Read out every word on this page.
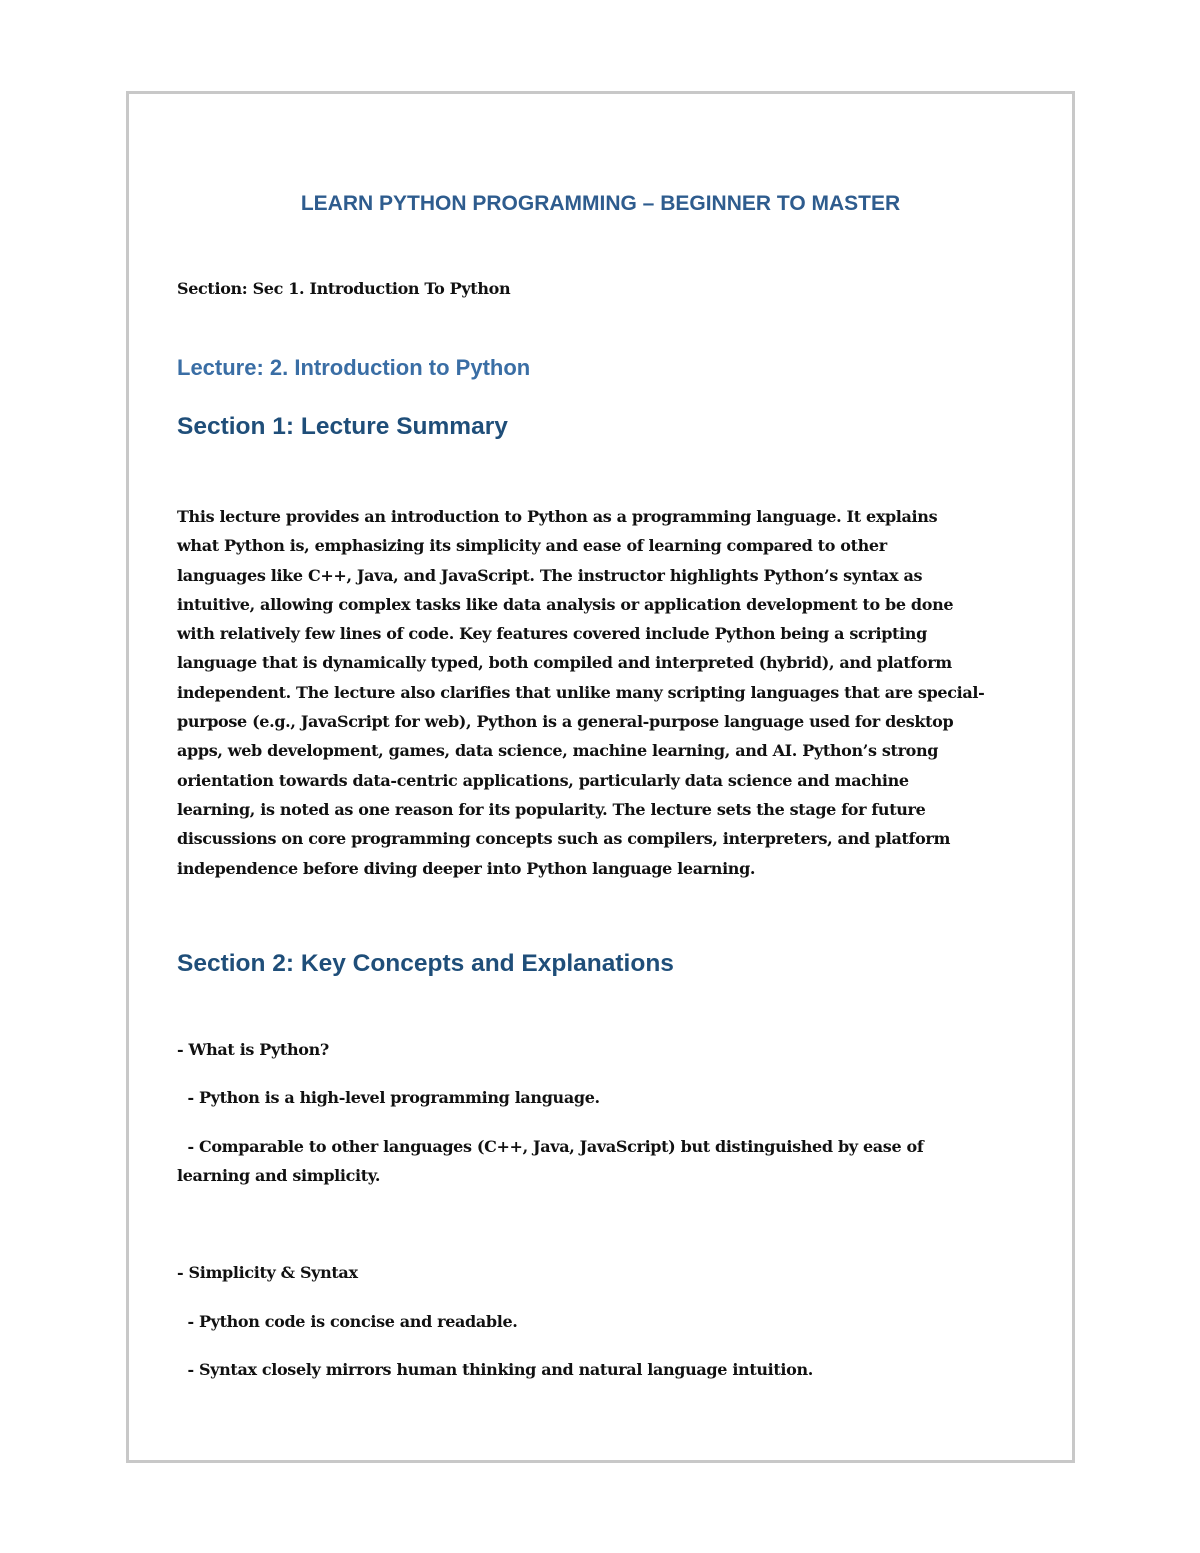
LEARN PYTHON PROGRAMMING – BEGINNER TO MASTER

Section: Sec 1. Introduction To Python

Lecture: 2. Introduction to Python
Section 1: Lecture Summary
This lecture provides an introduction to Python as a programming language. It explains
what Python is, emphasizing its simplicity and ease of learning compared to other
languages like C++, Java, and JavaScript. The instructor highlights Python’s syntax as
intuitive, allowing complex tasks like data analysis or application development to be done
with relatively few lines of code. Key features covered include Python being a scripting
language that is dynamically typed, both compiled and interpreted (hybrid), and platform
independent. The lecture also clarifies that unlike many scripting languages that are special-
purpose (e.g., JavaScript for web), Python is a general-purpose language used for desktop
apps, web development, games, data science, machine learning, and AI. Python’s strong
orientation towards data-centric applications, particularly data science and machine
learning, is noted as one reason for its popularity. The lecture sets the stage for future
discussions on core programming concepts such as compilers, interpreters, and platform
independence before diving deeper into Python language learning.
Section 2: Key Concepts and Explanations

- What is Python?

- Python is a high-level programming language.

- Comparable to other languages (C++, Java, JavaScript) but distinguished by ease of

learning and simplicity.

- Simplicity & Syntax

- Python code is concise and readable.

- Syntax closely mirrors human thinking and natural language intuition.
